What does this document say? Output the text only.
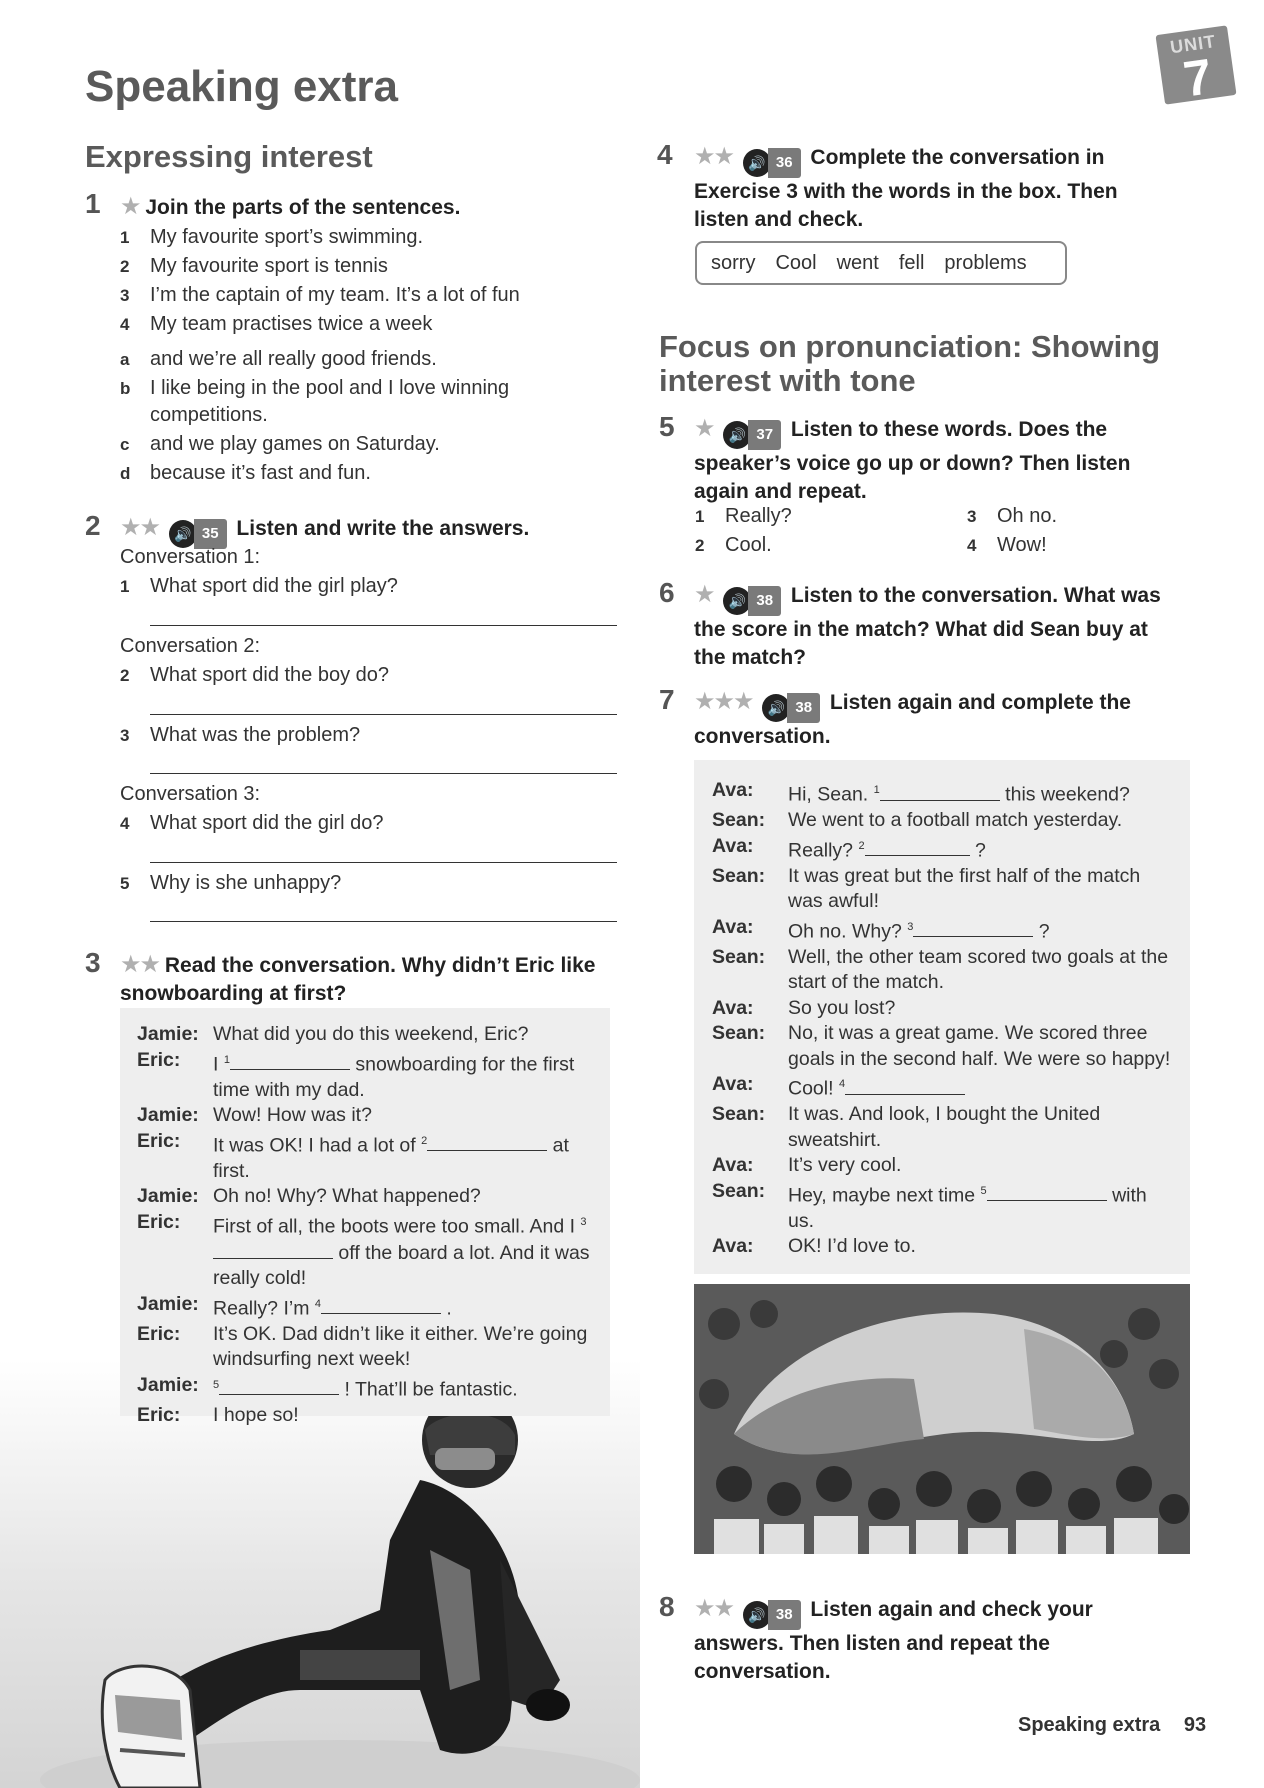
Speaking extra
UNIT
7
Expressing interest
1 ★ Join the parts of the sentences.
1	My favourite sport’s swimming.
2	My favourite sport is tennis
3	I’m the captain of my team. It’s a lot of fun
4	My team practises twice a week
a	and we’re all really good friends.
b I like being in the pool and I love winning competitions.
c	and we play games on Saturday.
d because it’s fast and fun.
2 ★★	🔊 35 Listen and write the answers.
Conversation 1:
1	What sport did the girl play?
Conversation 2:
2	What sport did the boy do?
3	What was the problem?
Conversation 3:
4	What sport did the girl do?
5	Why is she unhappy?
3 ★★ Read the conversation. Why didn’t Eric like snowboarding at first?
Jamie: What did you do this weekend, Eric?
Eric:	I $^1$	snowboarding for the first time with my dad.
Jamie: Wow! How was it?
Eric:	It was OK! I had a lot of $^2$	at first.
Jamie: Oh no! Why? What happened?
Eric:	First of all, the boots were too small. And I $^3$ off the board a lot. And it was really cold!
Jamie: Really? I’m $^4$	.
Eric:	It’s OK. Dad didn’t like it either. We’re going windsurfing next week!
Jamie:	$^5$	! That’ll be fantastic.
Eric:	I hope so!
4 ★★	🔊 36 Complete the conversation in Exercise 3 with the words in the box. Then listen and check.
sorry Cool went fell problems
Focus on pronunciation: Showing interest with tone
5 ★	🔊 37 Listen to these words. Does the speaker’s voice go up or down? Then listen again and repeat.
1	Really?
2	Cool.
3	Oh no.
4	Wow!
6 ★	🔊 38 Listen to the conversation. What was the score in the match? What did Sean buy at the match?
7 ★★★	🔊 38 Listen again and complete the conversation.
Ava:	Hi, Sean. $^1$	this weekend?
Sean:	We went to a football match yesterday.
Ava:	Really? $^2$	?
Sean:	It was great but the first half of the match was awful!
Ava:	Oh no. Why? $^3$	?
Sean:	Well, the other team scored two goals at the start of the match.
Ava:	So you lost?
Sean:	No, it was a great game. We scored three goals in the second half. We were so happy!
Ava:	Cool! $^4$
Sean:	It was. And look, I bought the United sweatshirt.
Ava:	It’s very cool.
Sean:	Hey, maybe next time $^5$	with us.
Ava:	OK! I’d love to.
8 ★★	🔊 38 Listen again and check your answers. Then listen and repeat the conversation.
Speaking extra 93
